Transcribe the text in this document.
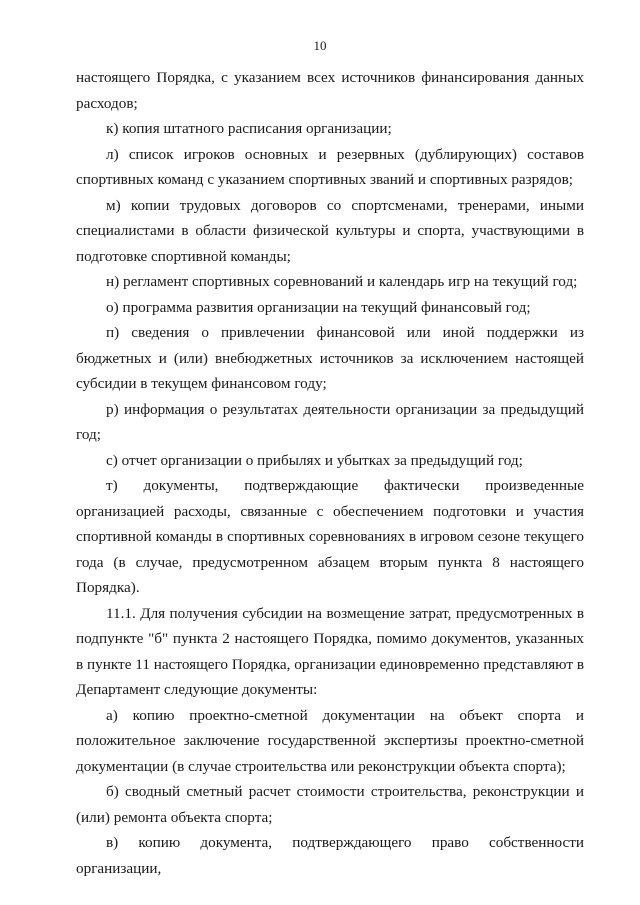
10

настоящего Порядка, с указанием всех источников финансирования данных расходов;

к) копия штатного расписания организации;

л) список игроков основных и резервных (дублирующих) составов спортивных команд с указанием спортивных званий и спортивных разрядов;

м) копии трудовых договоров со спортсменами, тренерами, иными специалистами в области физической культуры и спорта, участвующими в подготовке спортивной команды;

н) регламент спортивных соревнований и календарь игр на текущий год;

о) программа развития организации на текущий финансовый год;

п) сведения о привлечении финансовой или иной поддержки из бюджетных и (или) внебюджетных источников за исключением настоящей субсидии в текущем финансовом году;

р) информация о результатах деятельности организации за предыдущий год;

с) отчет организации о прибылях и убытках за предыдущий год;

т) документы, подтверждающие фактически произведенные организацией расходы, связанные с обеспечением подготовки и участия спортивной команды в спортивных соревнованиях в игровом сезоне текущего года (в случае, предусмотренном абзацем вторым пункта 8 настоящего Порядка).

11.1. Для получения субсидии на возмещение затрат, предусмотренных в подпункте "б" пункта 2 настоящего Порядка, помимо документов, указанных в пункте 11 настоящего Порядка, организации единовременно представляют в Департамент следующие документы:

а) копию проектно-сметной документации на объект спорта и положительное заключение государственной экспертизы проектно-сметной документации (в случае строительства или реконструкции объекта спорта);

б) сводный сметный расчет стоимости строительства, реконструкции и (или) ремонта объекта спорта;

в) копию документа, подтверждающего право собственности организации,
